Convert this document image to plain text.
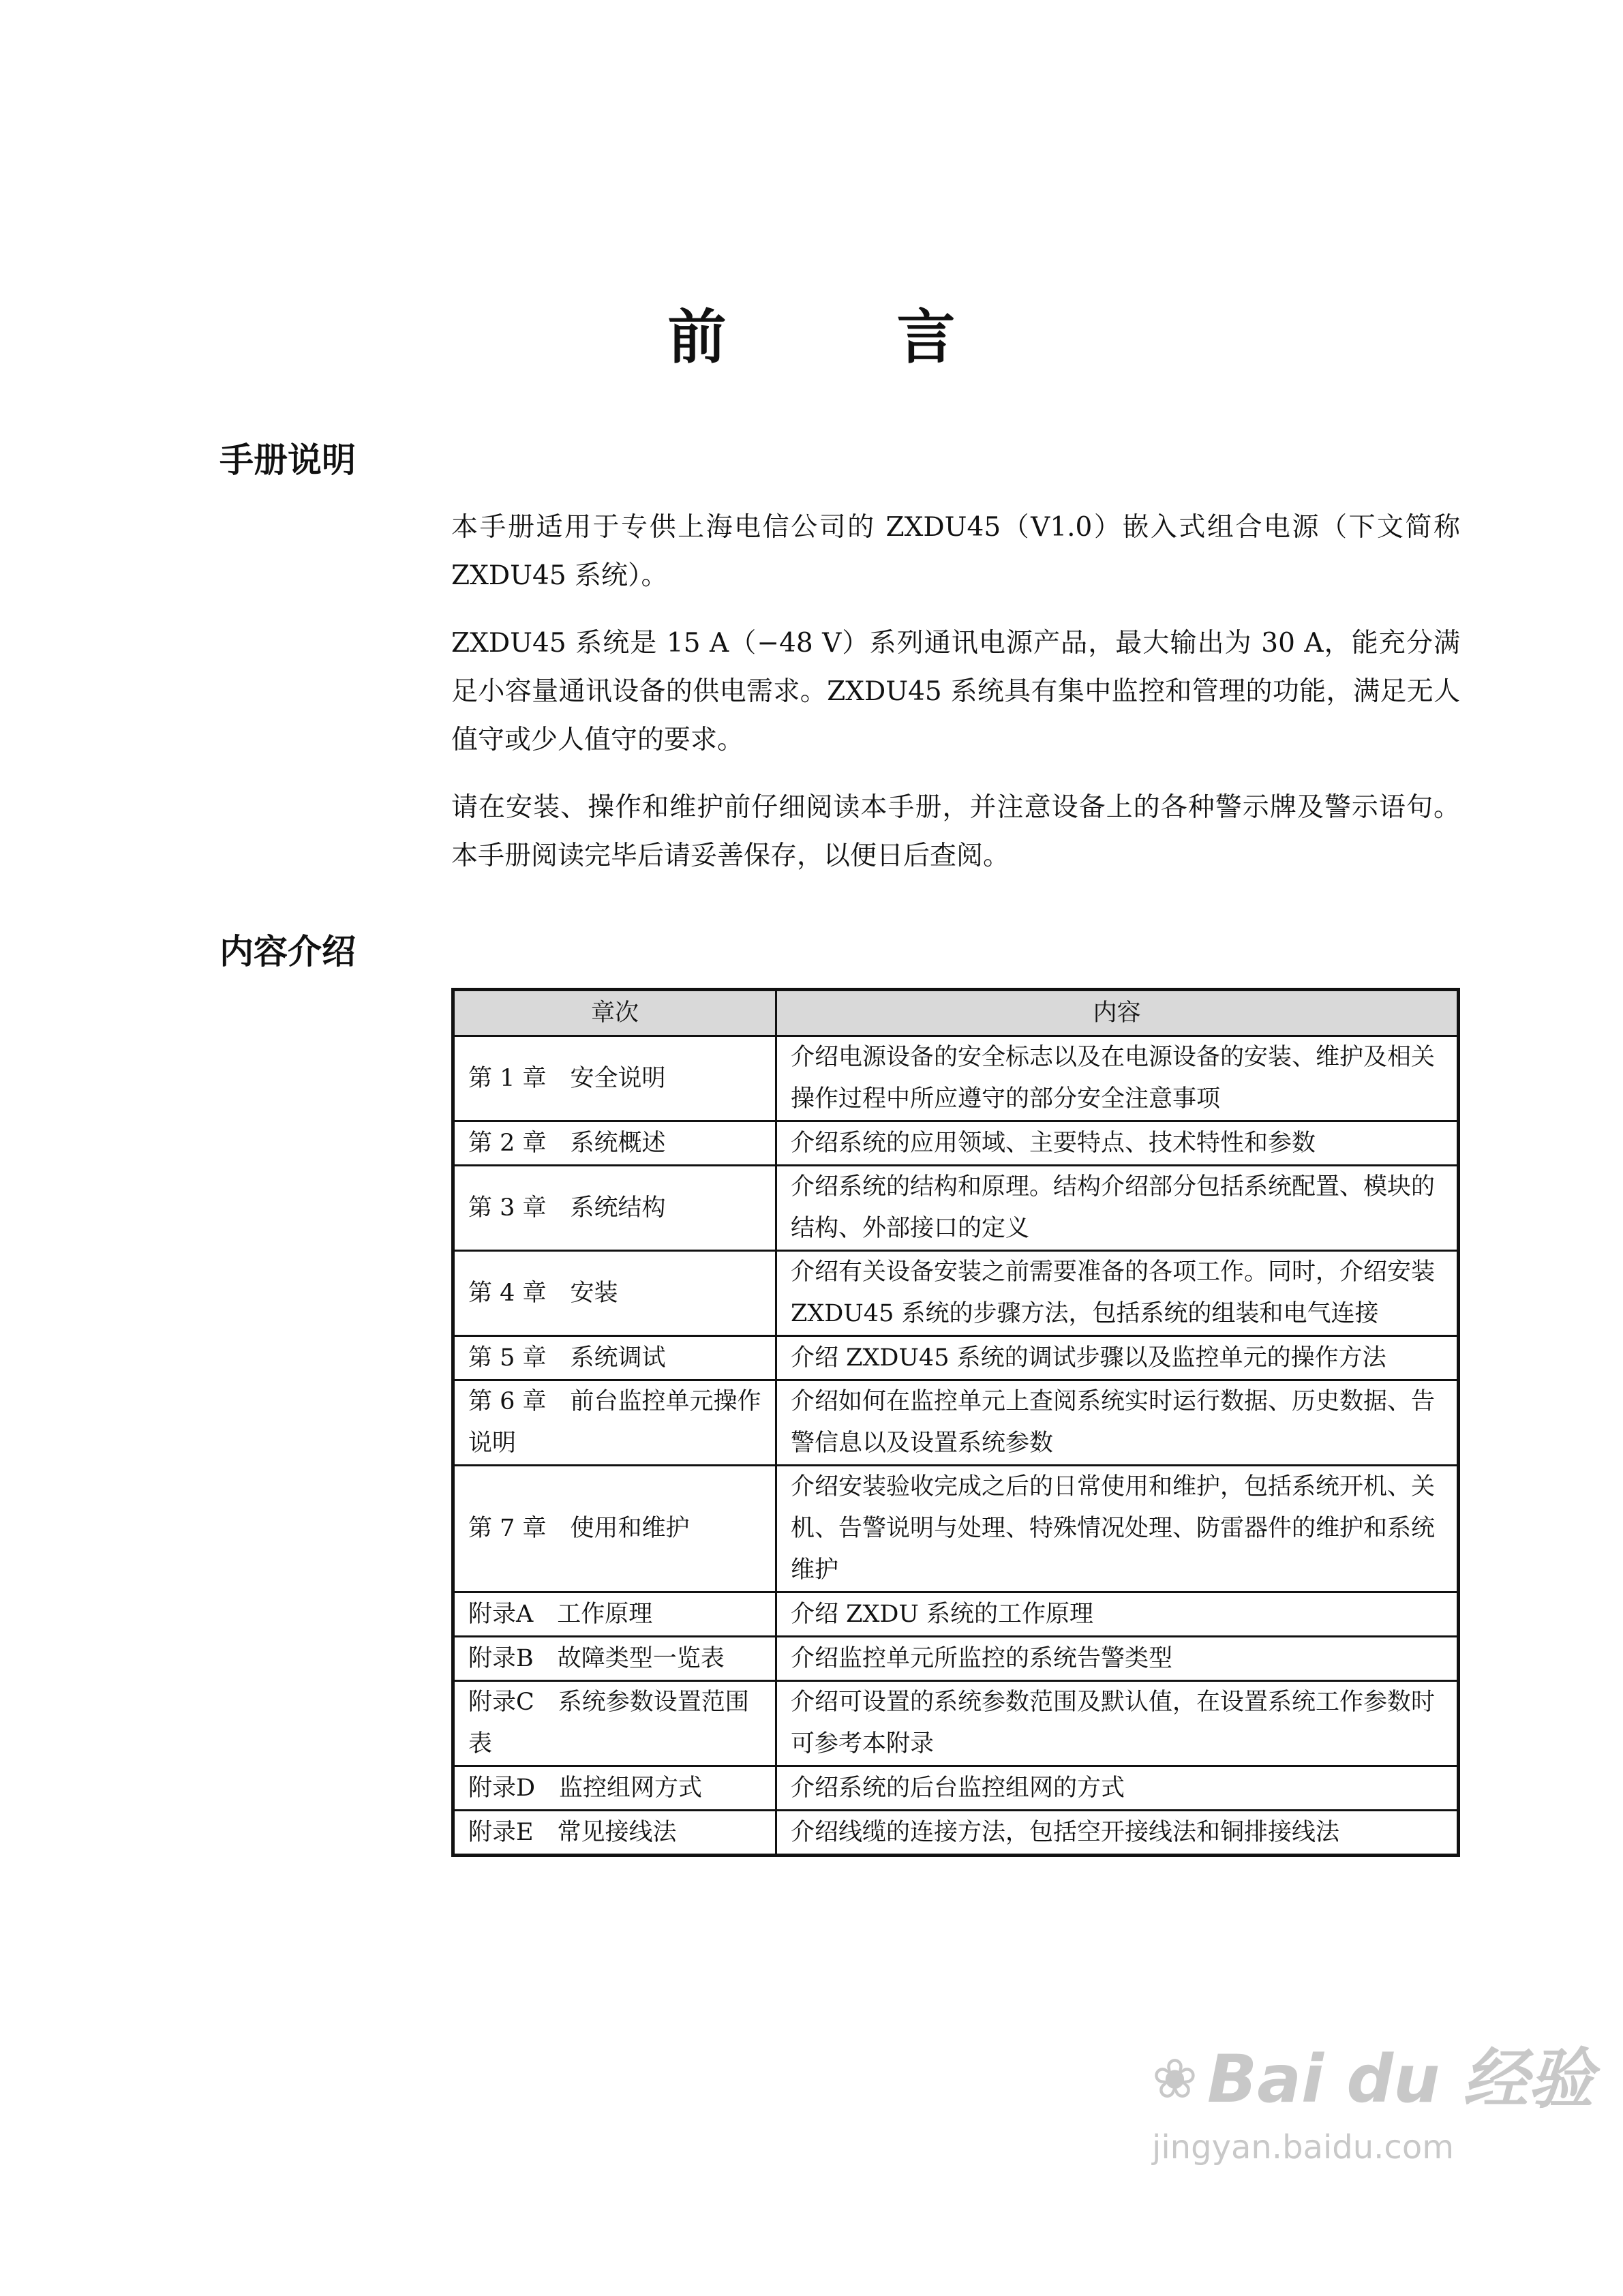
前 言
手册说明

本手册适用于专供上海电信公司的 ZXDU45（V1.0）嵌入式组合电源（下文简称 ZXDU45 系统）。

ZXDU45 系统是 15 A（−48 V）系列通讯电源产品，最大输出为 30 A，能充分满足小容量通讯设备的供电需求。ZXDU45 系统具有集中监控和管理的功能，满足无人值守或少人值守的要求。

请在安装、操作和维护前仔细阅读本手册，并注意设备上的各种警示牌及警示语句。本手册阅读完毕后请妥善保存，以便日后查阅。

内容介绍
章次	内容
第 1 章　安全说明	介绍电源设备的安全标志以及在电源设备的安装、维护及相关操作过程中所应遵守的部分安全注意事项
第 2 章　系统概述	介绍系统的应用领域、主要特点、技术特性和参数
第 3 章　系统结构	介绍系统的结构和原理。结构介绍部分包括系统配置、模块的结构、外部接口的定义
第 4 章　安装	介绍有关设备安装之前需要准备的各项工作。同时，介绍安装 ZXDU45 系统的步骤方法，包括系统的组装和电气连接
第 5 章　系统调试	介绍 ZXDU45 系统的调试步骤以及监控单元的操作方法
第 6 章　前台监控单元操作说明	介绍如何在监控单元上查阅系统实时运行数据、历史数据、告警信息以及设置系统参数
第 7 章　使用和维护	介绍安装验收完成之后的日常使用和维护，包括系统开机、关机、告警说明与处理、特殊情况处理、防雷器件的维护和系统维护
附录A　工作原理	介绍 ZXDU 系统的工作原理
附录B　故障类型一览表	介绍监控单元所监控的系统告警类型
附录C　系统参数设置范围表	介绍可设置的系统参数范围及默认值，在设置系统工作参数时可参考本附录
附录D　监控组网方式	介绍系统的后台监控组网的方式
附录E　常见接线法	介绍线缆的连接方法，包括空开接线法和铜排接线法
❀ Bai du 经验
jingyan.baidu.com
